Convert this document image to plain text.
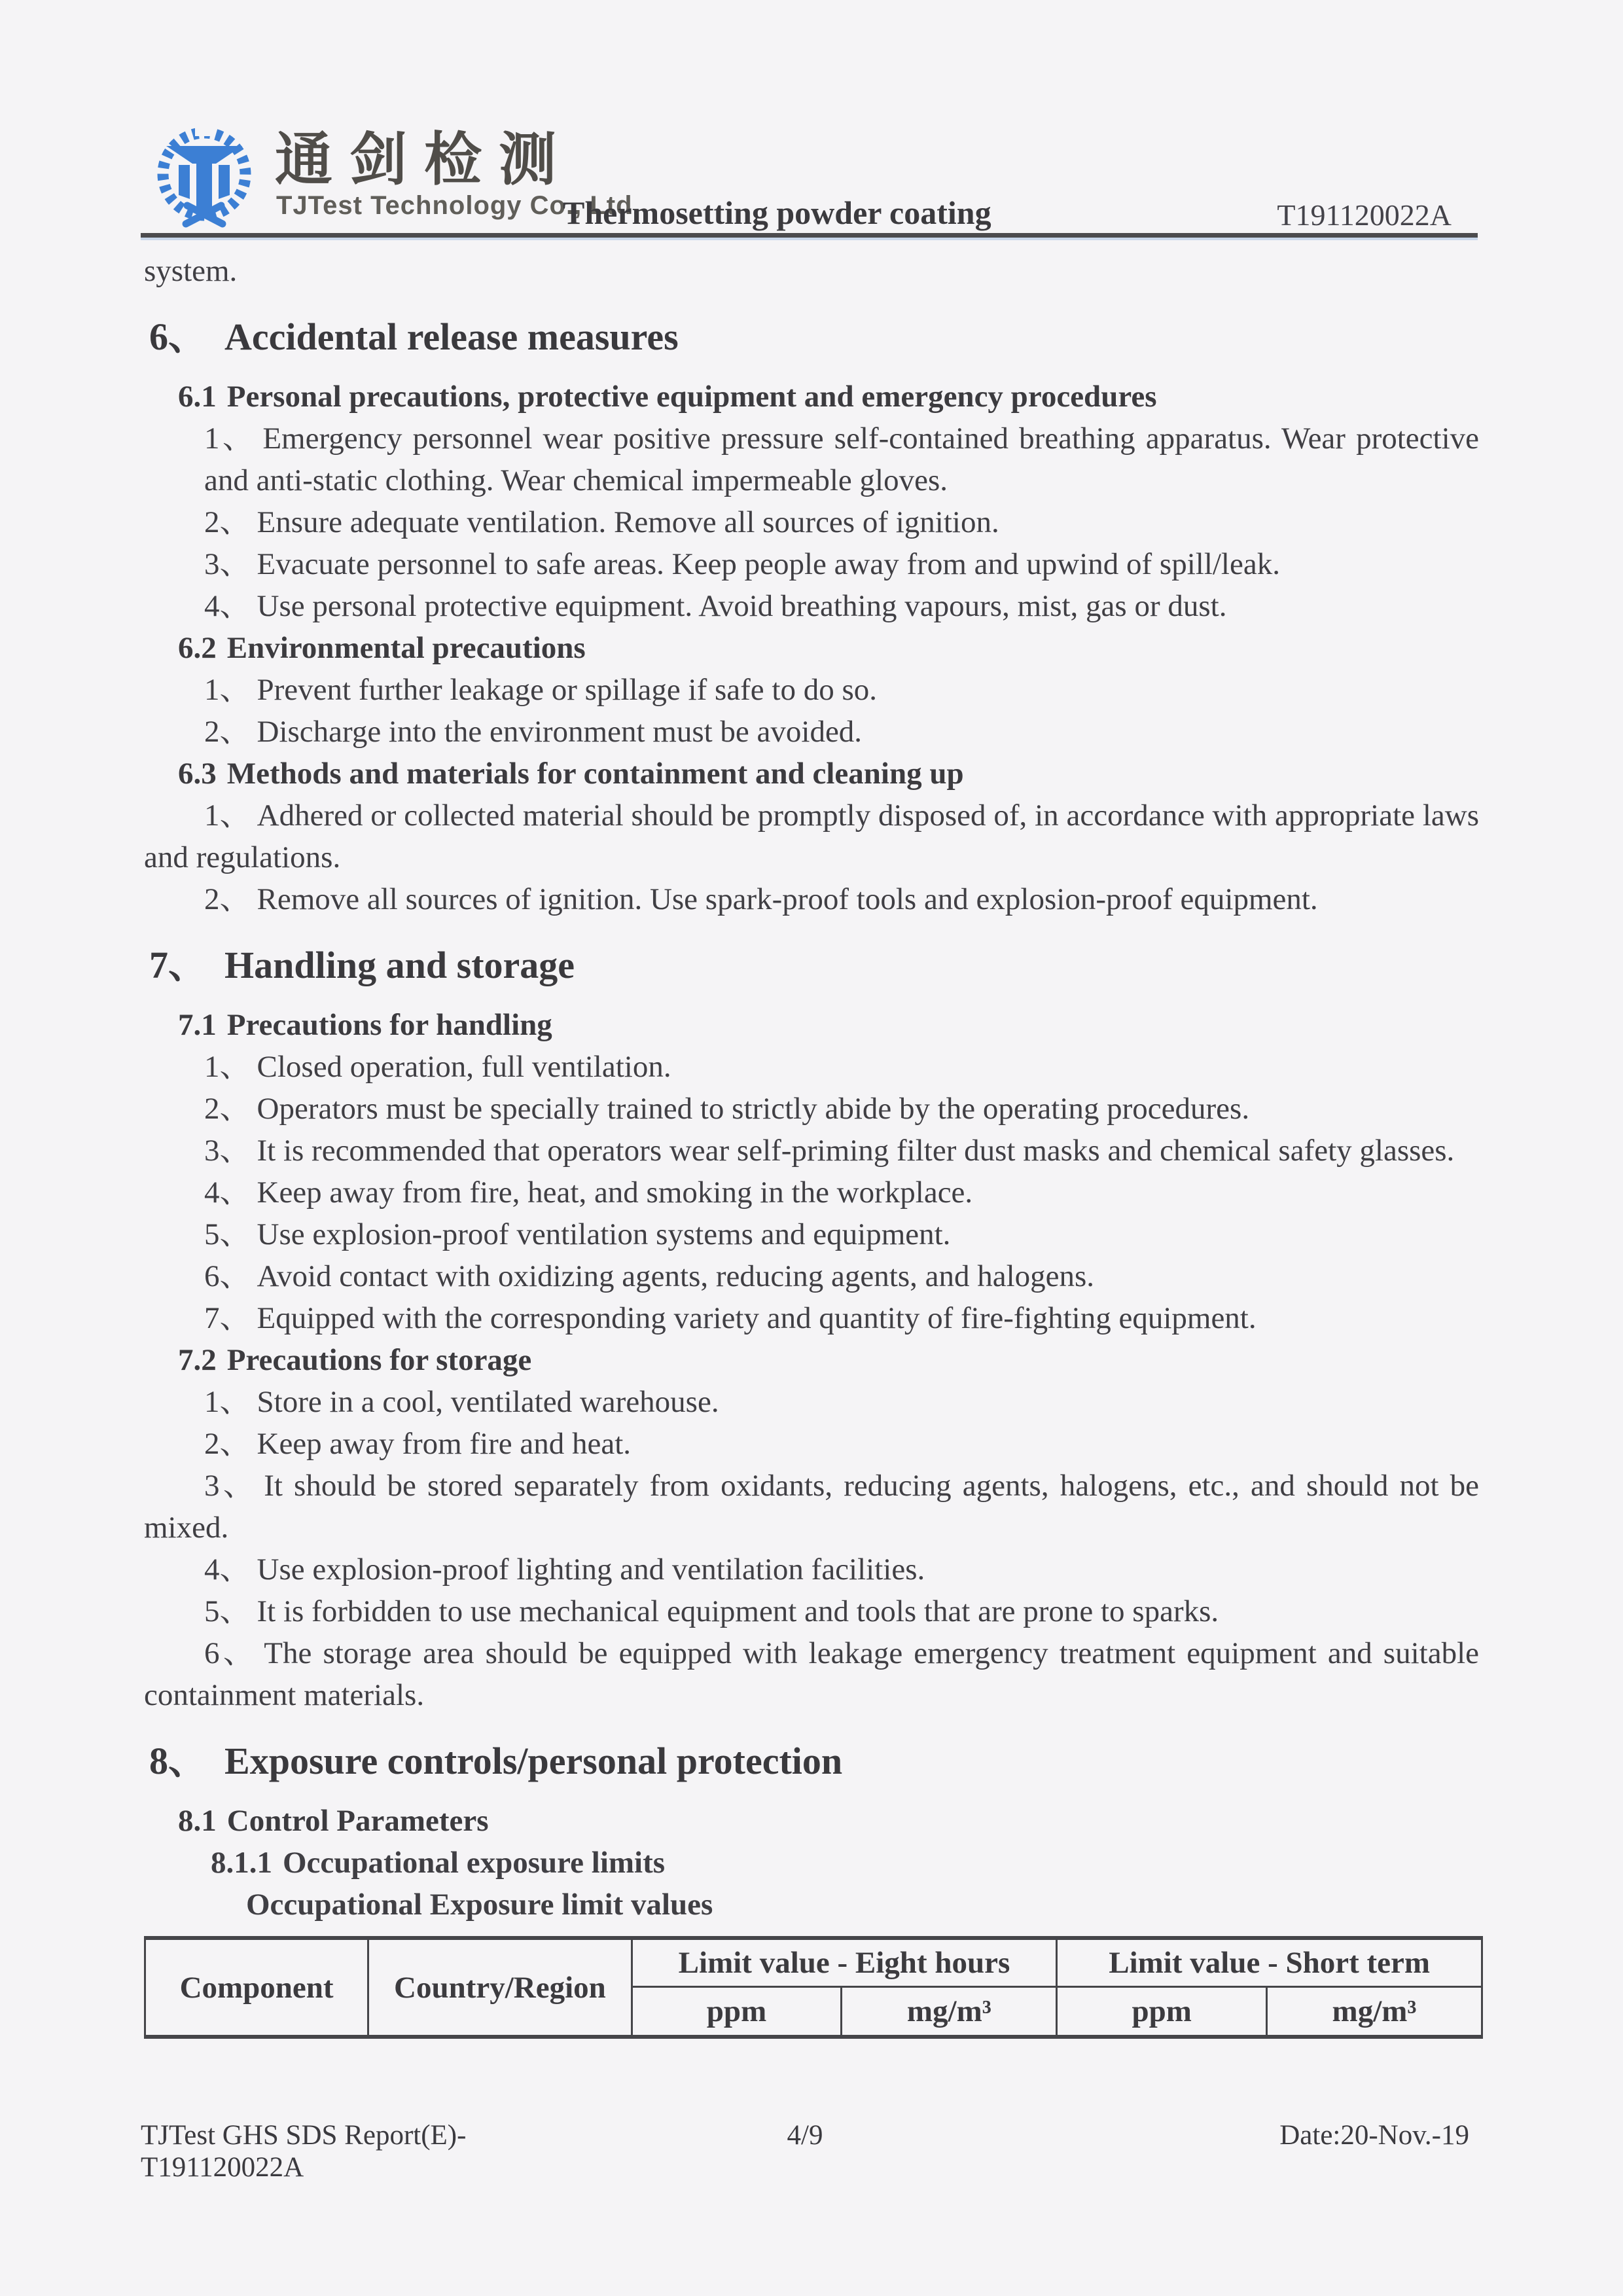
通剑检测
TJTest Technology Co., Ltd.
Thermosetting powder coating	T191120022A

system.

6、 Accidental release measures
6.1 Personal precautions, protective equipment and emergency procedures

1、 Emergency personnel wear positive pressure self-contained breathing apparatus. Wear protective and anti-static clothing. Wear chemical impermeable gloves.

2、 Ensure adequate ventilation. Remove all sources of ignition.

3、 Evacuate personnel to safe areas. Keep people away from and upwind of spill/leak.

4、 Use personal protective equipment. Avoid breathing vapours, mist, gas or dust.

6.2 Environmental precautions

1、 Prevent further leakage or spillage if safe to do so.

2、 Discharge into the environment must be avoided.

6.3 Methods and materials for containment and cleaning up

1、 Adhered or collected material should be promptly disposed of, in accordance with appropriate laws and regulations.

2、 Remove all sources of ignition. Use spark-proof tools and explosion-proof equipment.

7、 Handling and storage
7.1 Precautions for handling

1、 Closed operation, full ventilation.

2、 Operators must be specially trained to strictly abide by the operating procedures.

3、 It is recommended that operators wear self-priming filter dust masks and chemical safety glasses.

4、 Keep away from fire, heat, and smoking in the workplace.

5、 Use explosion-proof ventilation systems and equipment.

6、 Avoid contact with oxidizing agents, reducing agents, and halogens.

7、 Equipped with the corresponding variety and quantity of fire-fighting equipment.

7.2 Precautions for storage

1、 Store in a cool, ventilated warehouse.

2、 Keep away from fire and heat.

3、 It should be stored separately from oxidants, reducing agents, halogens, etc., and should not be mixed.

4、 Use explosion-proof lighting and ventilation facilities.

5、 It is forbidden to use mechanical equipment and tools that are prone to sparks.

6、 The storage area should be equipped with leakage emergency treatment equipment and suitable containment materials.

8、 Exposure controls/personal protection
8.1 Control Parameters

8.1.1 Occupational exposure limits

Occupational Exposure limit values

Component	Country/Region	Limit value - Eight hours		Limit value - Short term	
		ppm	mg/m³	ppm	mg/m³
TJTest GHS SDS Report(E)-T191120022A
4/9	Date:20-Nov.-19
